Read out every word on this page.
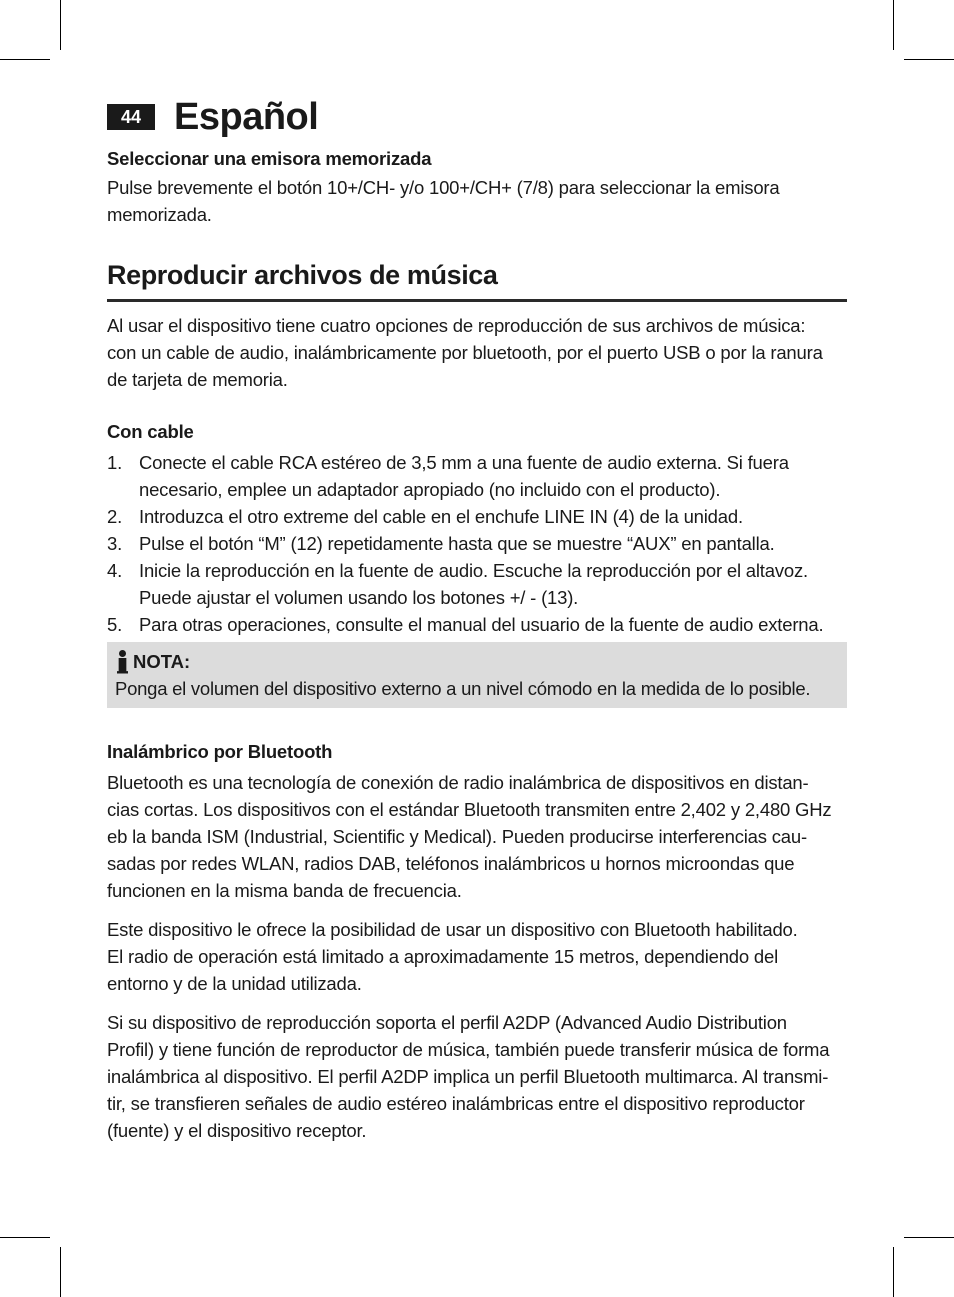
44 Español

Seleccionar una emisora memorizada

Pulse brevemente el botón 10+/CH- y/o 100+/CH+ (7/8) para seleccionar la emisora
memorizada.
Reproducir archivos de música
Al usar el dispositivo tiene cuatro opciones de reproducción de sus archivos de música:
con un cable de audio, inalámbricamente por bluetooth, por el puerto USB o por la ranura
de tarjeta de memoria.

Con cable

1. Conecte el cable RCA estéreo de 3,5 mm a una fuente de audio externa. Si fuera
necesario, emplee un adaptador apropiado (no incluido con el producto).
2. Introduzca el otro extreme del cable en el enchufe LINE IN (4) de la unidad.
3. Pulse el botón “M” (12) repetidamente hasta que se muestre “AUX” en pantalla.
4. Inicie la reproducción en la fuente de audio. Escuche la reproducción por el altavoz.
Puede ajustar el volumen usando los botones +/ - (13).
5. Para otras operaciones, consulte el manual del usuario de la fuente de audio externa.
NOTA:
Ponga el volumen del dispositivo externo a un nivel cómodo en la medida de lo posible.

Inalámbrico por Bluetooth

Bluetooth es una tecnología de conexión de radio inalámbrica de dispositivos en distan-
cias cortas. Los dispositivos con el estándar Bluetooth transmiten entre 2,402 y 2,480 GHz
eb la banda ISM (Industrial, Scientific y Medical). Pueden producirse interferencias cau-
sadas por redes WLAN, radios DAB, teléfonos inalámbricos u hornos microondas que
funcionen en la misma banda de frecuencia.
Este dispositivo le ofrece la posibilidad de usar un dispositivo con Bluetooth habilitado.
El radio de operación está limitado a aproximadamente 15 metros, dependiendo del
entorno y de la unidad utilizada.
Si su dispositivo de reproducción soporta el perfil A2DP (Advanced Audio Distribution
Profil) y tiene función de reproductor de música, también puede transferir música de forma
inalámbrica al dispositivo. El perfil A2DP implica un perfil Bluetooth multimarca. Al transmi-
tir, se transfieren señales de audio estéreo inalámbricas entre el dispositivo reproductor
(fuente) y el dispositivo receptor.
